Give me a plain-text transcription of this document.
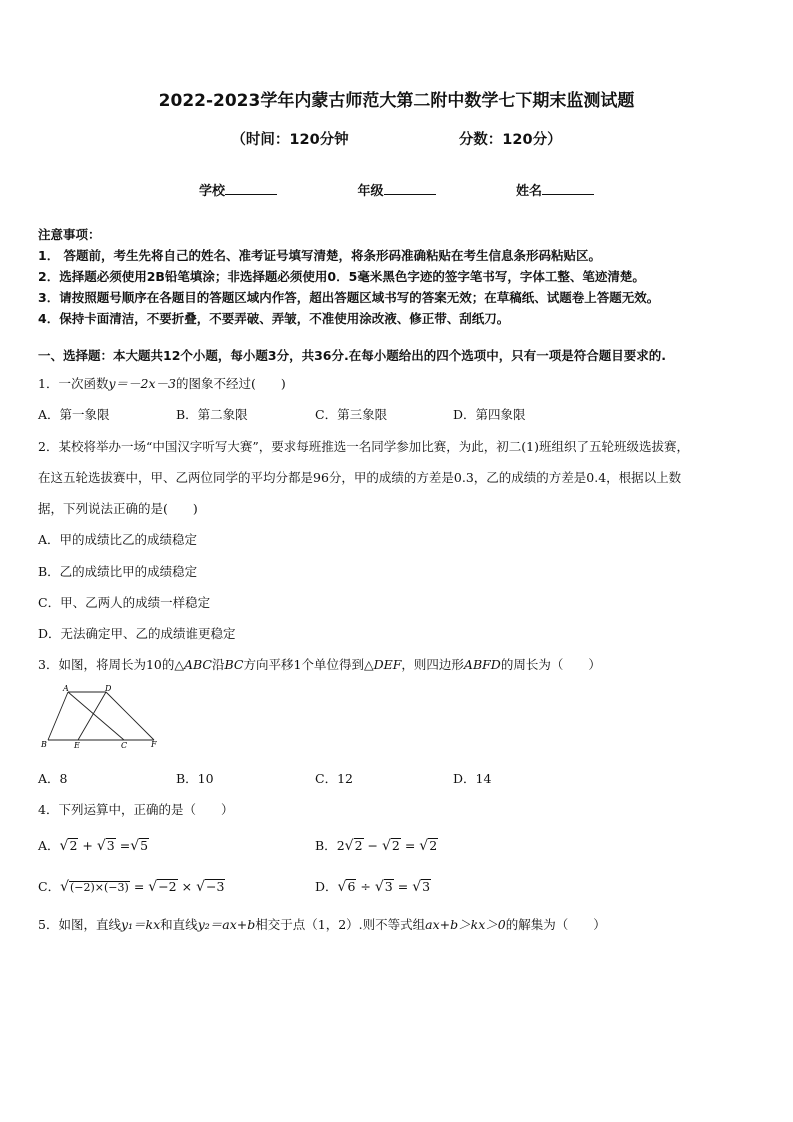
2022-2023学年内蒙古师范大第二附中数学七下期末监测试题
（时间：120分钟	分数：120分）
学校	年级	姓名
注意事项：
1． 答题前，考生先将自己的姓名、准考证号填写清楚，将条形码准确粘贴在考生信息条形码粘贴区。
2．选择题必须使用2B铅笔填涂；非选择题必须使用0．5毫米黑色字迹的签字笔书写，字体工整、笔迹清楚。
3．请按照题号顺序在各题目的答题区域内作答，超出答题区域书写的答案无效；在草稿纸、试题卷上答题无效。
4．保持卡面清洁，不要折叠，不要弄破、弄皱，不准使用涂改液、修正带、刮纸刀。
一、选择题：本大题共12个小题，每小题3分，共36分.在每小题给出的四个选项中，只有一项是符合题目要求的.
1．一次函数y＝－2x－3的图象不经过(　　)
A．第一象限	B．第二象限	C．第三象限	D．第四象限
2．某校将举办一场“中国汉字听写大赛”，要求每班推选一名同学参加比赛，为此，初二(1)班组织了五轮班级选拔赛，
在这五轮选拔赛中，甲、乙两位同学的平均分都是96分，甲的成绩的方差是0.3，乙的成绩的方差是0.4，根据以上数
据，下列说法正确的是(　　)
A．甲的成绩比乙的成绩稳定
B．乙的成绩比甲的成绩稳定
C．甲、乙两人的成绩一样稳定
D．无法确定甲、乙的成绩谁更稳定
3．如图，将周长为10的△ABC沿BC方向平移1个单位得到△DEF，则四边形ABFD的周长为（　　）
A	D
B	E	C	F
A．8	B．10	C．12	D．14
4．下列运算中，正确的是（　　）
A．√2 + √3 =√5	B．2√2 − √2 = √2
C．√(−2)×(−3) = √−2 × √−3	D．√6 ÷ √3 = √3
5．如图，直线y₁＝kx和直线y₂＝ax+b相交于点（1，2）.则不等式组ax+b＞kx＞0的解集为（　　）
